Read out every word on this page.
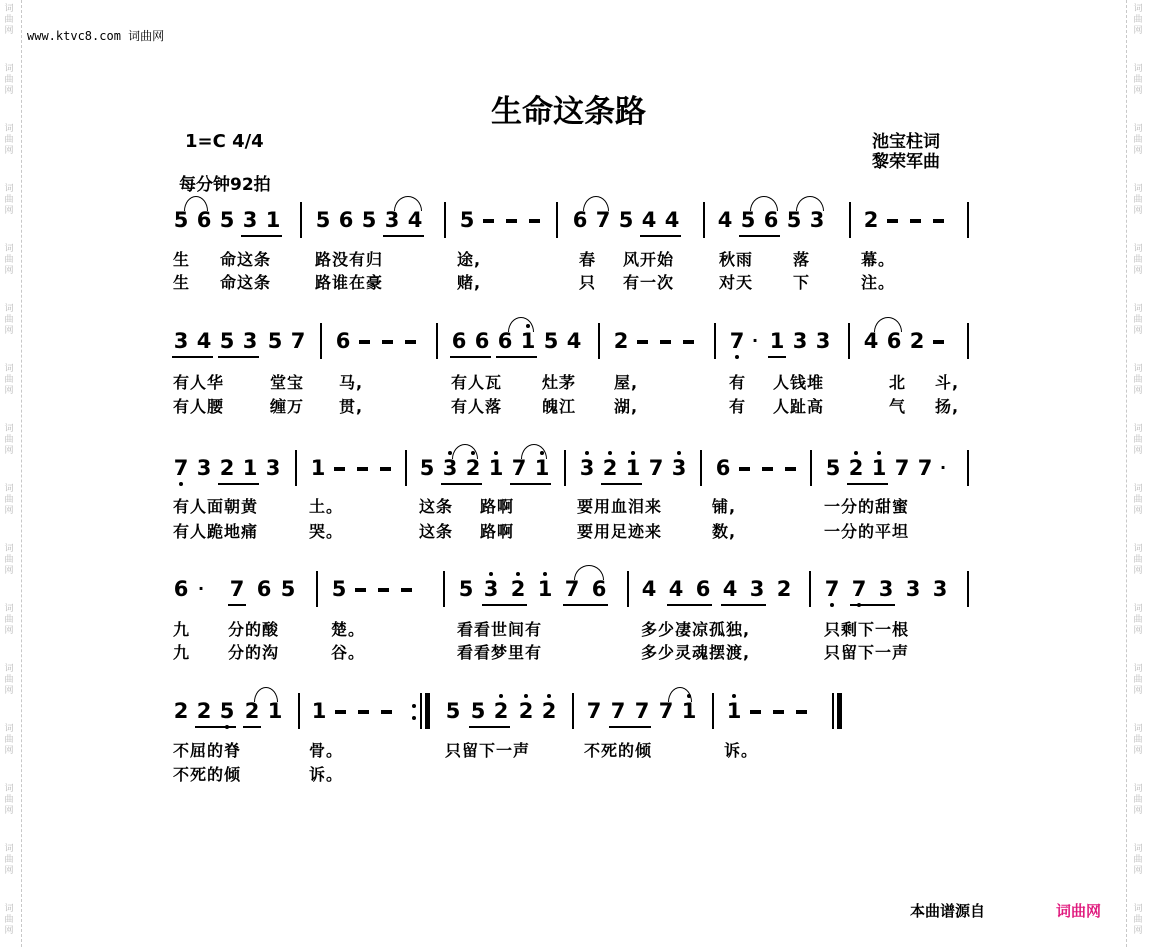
词
曲
网
词
曲
网
词
曲
网
词
曲
网
词
曲
网
词
曲
网
词
曲
网
词
曲
网
词
曲
网
词
曲
网
词
曲
网
词
曲
网
词
曲
网
词
曲
网
词
曲
网
词
曲
网
词
曲
网
词
曲
网
词
曲
网
词
曲
网
词
曲
网
词
曲
网
词
曲
网
词
曲
网
词
曲
网
词
曲
网
词
曲
网
词
曲
网
词
曲
网
词
曲
网
词
曲
网
词
曲
网
www.ktvc8.com 词曲网
生命这条路
1=C 4/4
每分钟92拍
池宝柱词
黎荣军曲
5 6 5 3 1 5 6 5 3 4 5	6 7 5 4 4 4 5 6 5 3 2
生 命这条	路没有归	途,	春 风开始	秋雨 落	幕。
生 命这条	路谁在豪	赌,	只 有一次	对天 下	注。
3 4 5 3 5 7 6	6 6 6 1 5 4 2	7 · 1 3 3 4 6 2
有人华	堂宝 马,	有人瓦 灶茅 屋,	有 人钱堆	北 斗,
有人腰	缠万 贯,	有人落 魄江 湖,	有 人趾高	气 扬,
7 3 2 1 3 1	5 3 2 1 7 1 3 2 1 7 3 6	5 2 1 7 7 ·
有人面朝黄	土。	这条 路啊	要用血泪来	铺,	一分的甜蜜
有人跪地痛	哭。	这条 路啊	要用足迹来	数,	一分的平坦
6 · 7 6 5 5	5 3 2 1 7 6 4 4 6 4 3 2 7 7 3 3 3
九 分的酸	楚。	看看世间有	多少凄凉孤独,	只剩下一根
九 分的沟	谷。	看看梦里有	多少灵魂摆渡,	只留下一声
2 2 5 2 1 1	5 5 2 2 2 7 7 7 7 1 1
不屈的脊	骨。	只留下一声	不死的倾	诉。
不死的倾	诉。
本曲谱源自	词曲网
